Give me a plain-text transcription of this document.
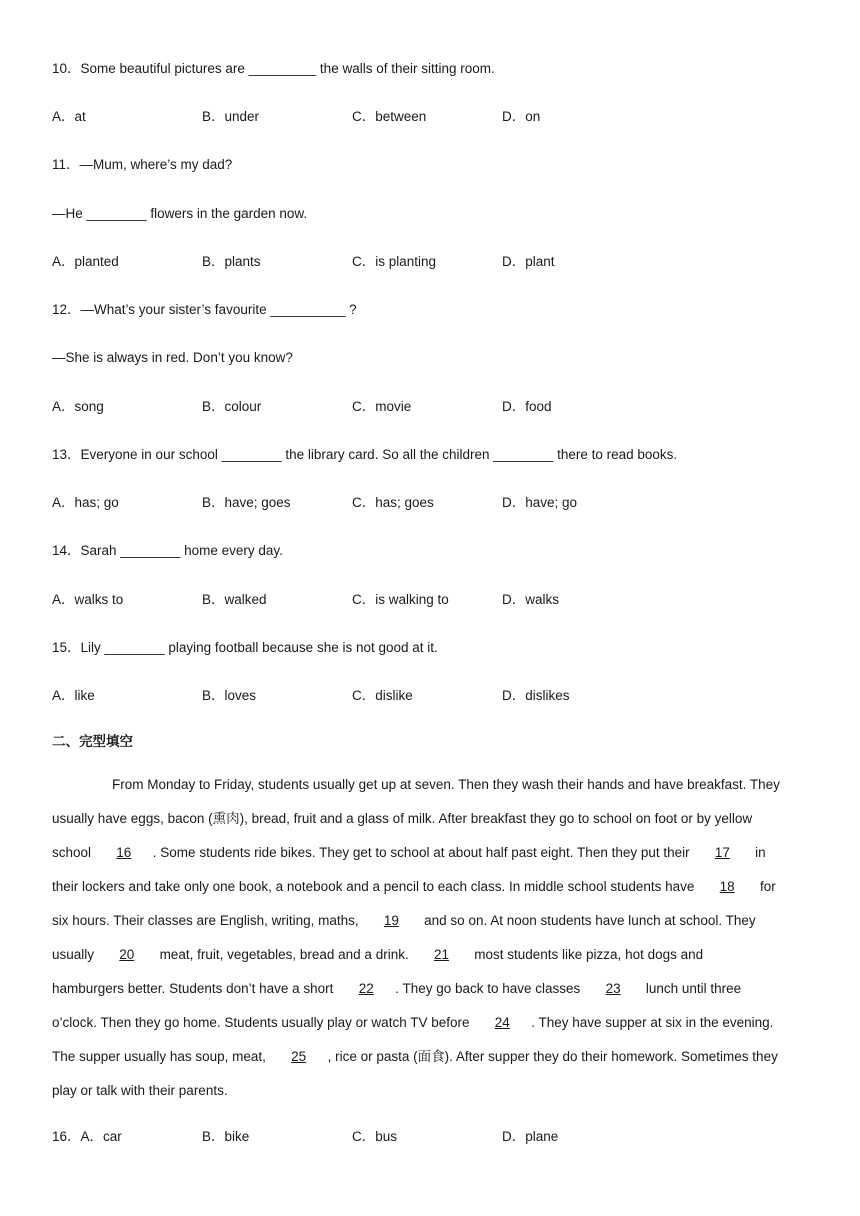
10．Some beautiful pictures are _________ the walls of their sitting room.
A．at	B．under	C．between	D．on
11．—Mum, where’s my dad?
—He ________ flowers in the garden now.
A．planted	B．plants	C．is planting	D．plant
12．—What’s your sister’s favourite __________ ?
—She is always in red. Don’t you know?
A．song	B．colour	C．movie	D．food
13．Everyone in our school ________ the library card. So all the children ________ there to read books.
A．has; go	B．have; goes	C．has; goes	D．have; go
14．Sarah ________ home every day.
A．walks to	B．walked	C．is walking to	D．walks
15．Lily ________ playing football because she is not good at it.
A．like	B．loves	C．dislike	D．dislikes
二、完型填空
From Monday to Friday, students usually get up at seven. Then they wash their hands and have breakfast. They
usually have eggs, bacon (熏肉), bread, fruit and a glass of milk. After breakfast they go to school on foot or by yellow
school 16 . Some students ride bikes. They get to school at about half past eight. Then they put their 17 in
their lockers and take only one book, a notebook and a pencil to each class. In middle school students have 18 for
six hours. Their classes are English, writing, maths, 19 and so on. At noon students have lunch at school. They
usually 20 meat, fruit, vegetables, bread and a drink. 21 most students like pizza, hot dogs and
hamburgers better. Students don’t have a short 22 . They go back to have classes 23 lunch until three
o’clock. Then they go home. Students usually play or watch TV before 24 . They have supper at six in the evening.
The supper usually has soup, meat, 25 , rice or pasta (面食). After supper they do their homework. Sometimes they
play or talk with their parents.
16．A．car	B．bike	C．bus	D．plane
